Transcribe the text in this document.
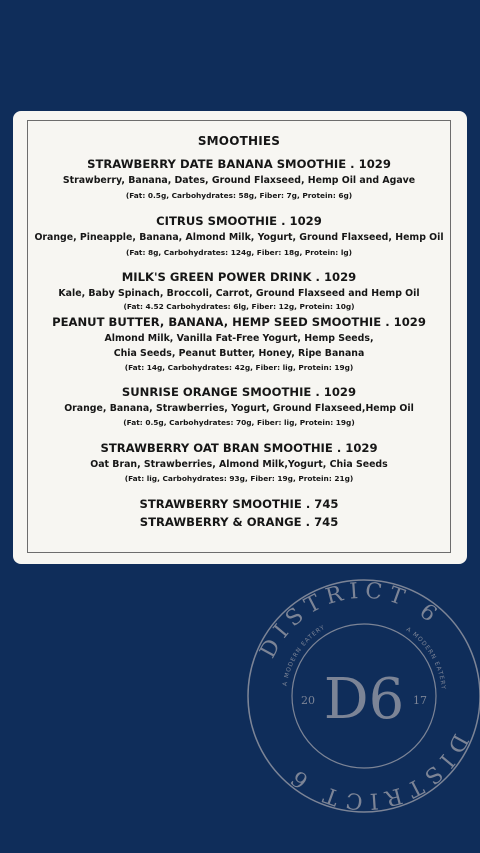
SMOOTHIES
STRAWBERRY DATE BANANA SMOOTHIE . 1029
Strawberry, Banana, Dates, Ground Flaxseed, Hemp Oil and Agave
(Fat: 0.5g, Carbohydrates: 58g, Fiber: 7g, Protein: 6g)
CITRUS SMOOTHIE . 1029
Orange, Pineapple, Banana, Almond Milk, Yogurt, Ground Flaxseed, Hemp Oil
(Fat: 8g, Carbohydrates: 124g, Fiber: 18g, Protein: lg)
MILK'S GREEN POWER DRINK . 1029
Kale, Baby Spinach, Broccoli, Carrot, Ground Flaxseed and Hemp Oil
(Fat: 4.52 Carbohydrates: 6lg, Fiber: 12g, Protein: 10g)
PEANUT BUTTER, BANANA, HEMP SEED SMOOTHIE . 1029
Almond Milk, Vanilla Fat-Free Yogurt, Hemp Seeds,
Chia Seeds, Peanut Butter, Honey, Ripe Banana
(Fat: 14g, Carbohydrates: 42g, Fiber: lig, Protein: 19g)
SUNRISE ORANGE SMOOTHIE . 1029
Orange, Banana, Strawberries, Yogurt, Ground Flaxseed,Hemp Oil
(Fat: 0.5g, Carbohydrates: 70g, Fiber: lig, Protein: 19g)
STRAWBERRY OAT BRAN SMOOTHIE . 1029
Oat Bran, Strawberries, Almond Milk,Yogurt, Chia Seeds
(Fat: lig, Carbohydrates: 93g, Fiber: 19g, Protein: 21g)
STRAWBERRY SMOOTHIE . 745
STRAWBERRY & ORANGE . 745
DISTRICT 6
DISTRICT 6
A MODERN EATERY
A MODERN EATERY
D6
20	17
